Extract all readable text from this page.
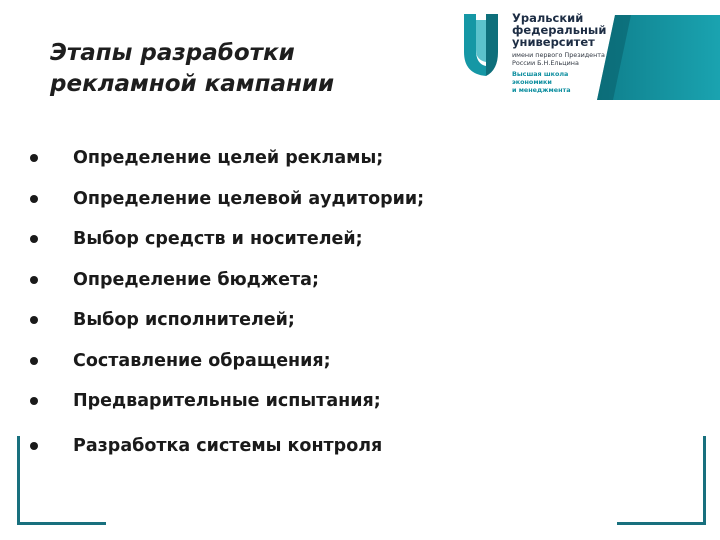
Этапы разработки
рекламной кампании
Уральский
федеральный
университет
имени первого Президента
России Б.Н.Ельцина
Высшая школа
экономики
и менеджмента
Определение целей рекламы;
Определение целевой аудитории;
Выбор средств и носителей;
Определение бюджета;
Выбор исполнителей;
Составление обращения;
Предварительные испытания;
Разработка системы контроля
